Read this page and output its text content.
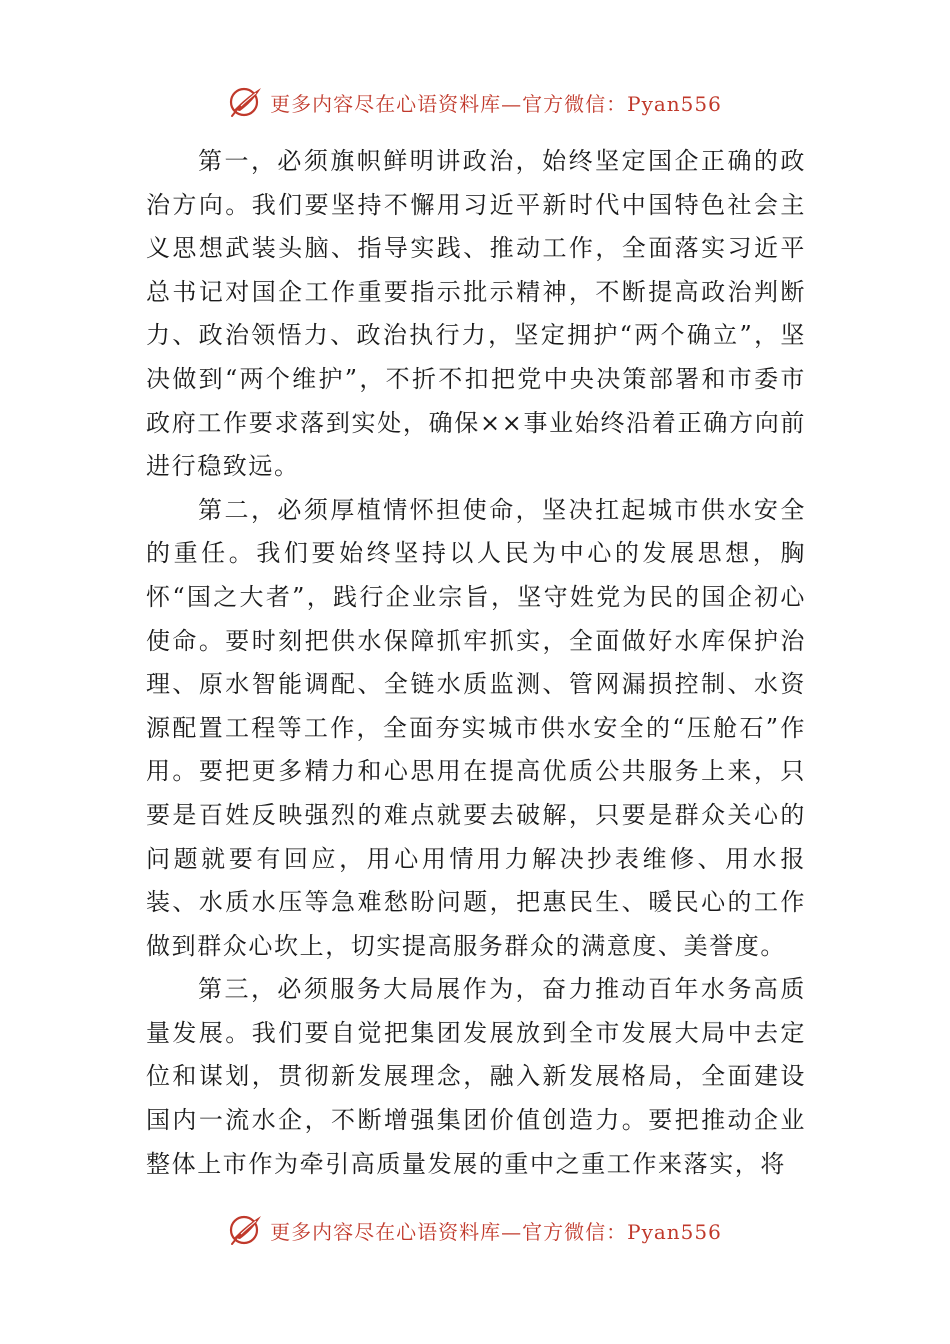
更多内容尽在心语资料库—官方微信：Pyan556

第一，必须旗帜鲜明讲政治，始终坚定国企正确的政治方向。我们要坚持不懈用习近平新时代中国特色社会主义思想武装头脑、指导实践、推动工作，全面落实习近平总书记对国企工作重要指示批示精神，不断提高政治判断力、政治领悟力、政治执行力，坚定拥护“两个确立”，坚决做到“两个维护”，不折不扣把党中央决策部署和市委市政府工作要求落到实处，确保××事业始终沿着正确方向前进行稳致远。

第二，必须厚植情怀担使命，坚决扛起城市供水安全的重任。我们要始终坚持以人民为中心的发展思想，胸怀“国之大者”，践行企业宗旨，坚守姓党为民的国企初心使命。要时刻把供水保障抓牢抓实，全面做好水库保护治理、原水智能调配、全链水质监测、管网漏损控制、水资源配置工程等工作，全面夯实城市供水安全的“压舱石”作用。要把更多精力和心思用在提高优质公共服务上来，只要是百姓反映强烈的难点就要去破解，只要是群众关心的问题就要有回应，用心用情用力解决抄表维修、用水报装、水质水压等急难愁盼问题，把惠民生、暖民心的工作做到群众心坎上，切实提高服务群众的满意度、美誉度。

第三，必须服务大局展作为，奋力推动百年水务高质量发展。我们要自觉把集团发展放到全市发展大局中去定位和谋划，贯彻新发展理念，融入新发展格局，全面建设国内一流水企，不断增强集团价值创造力。要把推动企业整体上市作为牵引高质量发展的重中之重工作来落实，将

更多内容尽在心语资料库—官方微信：Pyan556
